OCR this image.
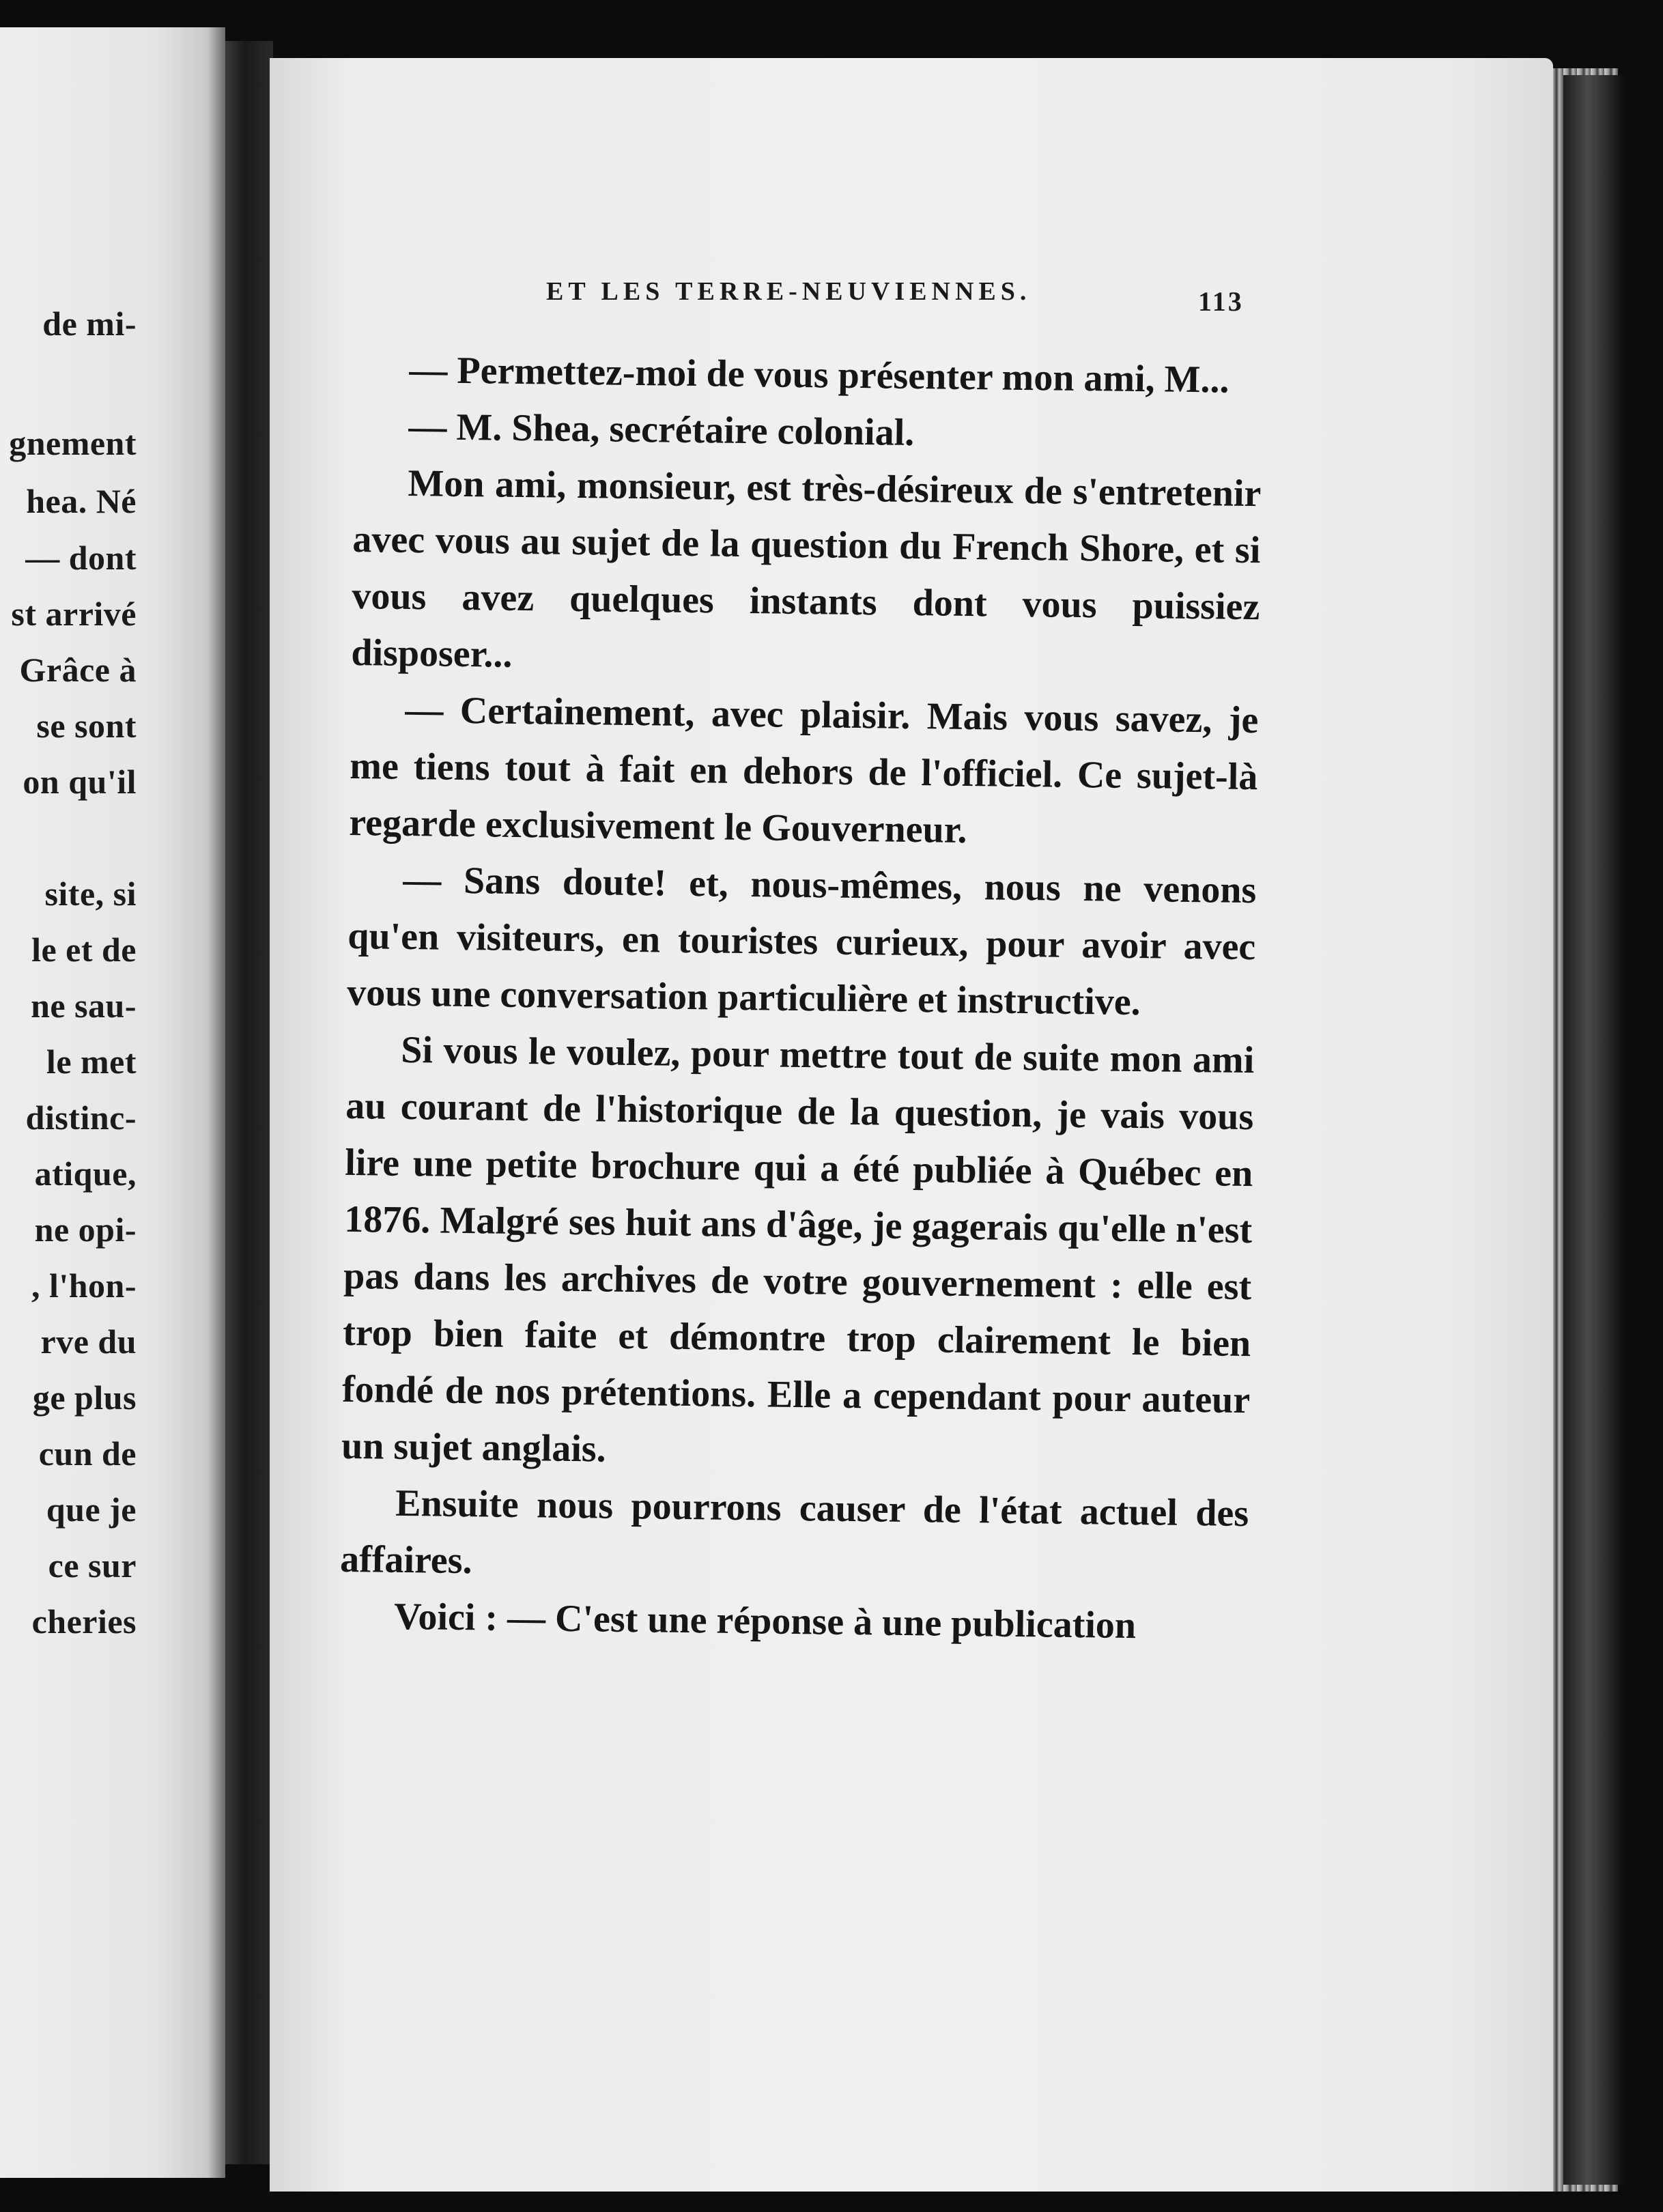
de mi-
gnement
hea. Né
— dont
st arrivé
Grâce à
se sont
on qu'il
site, si
le et de
ne sau-
le met
distinc-
atique,
ne opi-
, l'hon-
rve du
ge plus
cun de
que je
ce sur
cheries
ET LES TERRE-NEUVIENNES.	113

— Permettez-moi de vous présenter mon ami, M...

— M. Shea, secrétaire colonial.

Mon ami, monsieur, est très-désireux de s'entretenir avec vous au sujet de la question du French Shore, et si vous avez quelques instants dont vous puissiez disposer...

— Certainement, avec plaisir. Mais vous savez, je me tiens tout à fait en dehors de l'officiel. Ce sujet-là regarde exclusivement le Gouverneur.

— Sans doute! et, nous-mêmes, nous ne venons qu'en visiteurs, en touristes curieux, pour avoir avec vous une conversation particulière et instructive.

Si vous le voulez, pour mettre tout de suite mon ami au courant de l'historique de la question, je vais vous lire une petite brochure qui a été publiée à Québec en 1876. Malgré ses huit ans d'âge, je gagerais qu'elle n'est pas dans les archives de votre gouvernement : elle est trop bien faite et démontre trop clairement le bien fondé de nos prétentions. Elle a cependant pour auteur un sujet anglais.

Ensuite nous pourrons causer de l'état actuel des affaires.

Voici : — C'est une réponse à une publication
